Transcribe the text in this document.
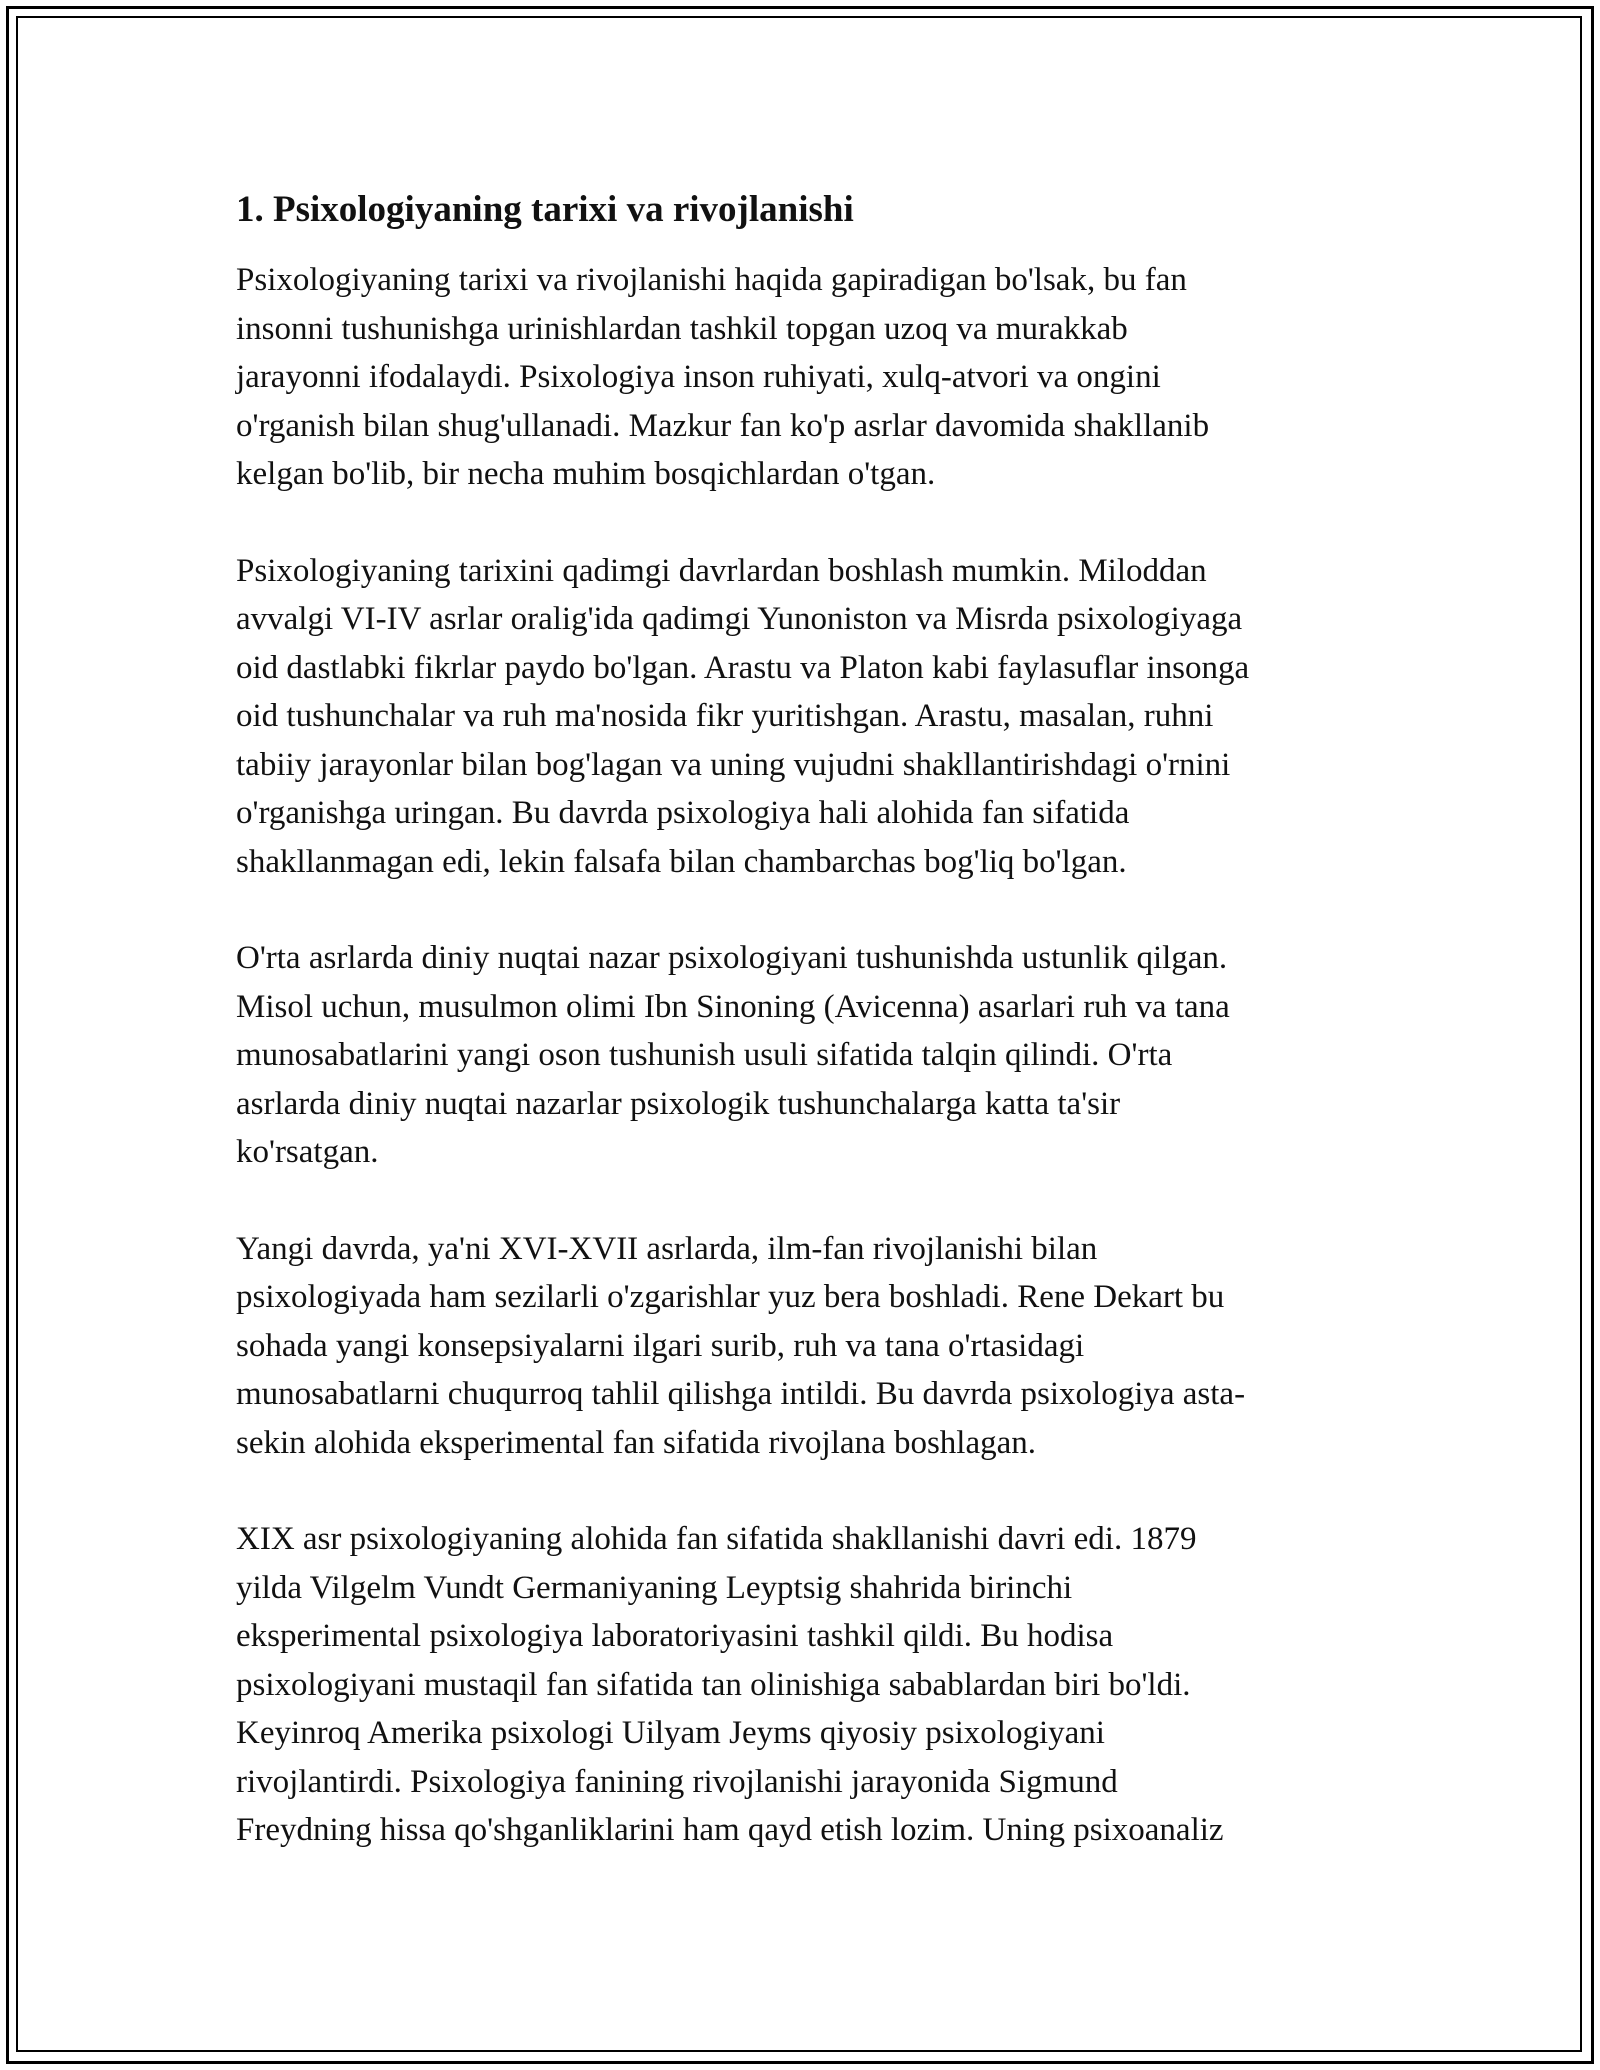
1. Psixologiyaning tarixi va rivojlanishi
Psixologiyaning tarixi va rivojlanishi haqida gapiradigan bo'lsak, bu fan
insonni tushunishga urinishlardan tashkil topgan uzoq va murakkab
jarayonni ifodalaydi. Psixologiya inson ruhiyati, xulq-atvori va ongini
o'rganish bilan shug'ullanadi. Mazkur fan ko'p asrlar davomida shakllanib
kelgan bo'lib, bir necha muhim bosqichlardan o'tgan.
Psixologiyaning tarixini qadimgi davrlardan boshlash mumkin. Miloddan
avvalgi VI-IV asrlar oralig'ida qadimgi Yunoniston va Misrda psixologiyaga
oid dastlabki fikrlar paydo bo'lgan. Arastu va Platon kabi faylasuflar insonga
oid tushunchalar va ruh ma'nosida fikr yuritishgan. Arastu, masalan, ruhni
tabiiy jarayonlar bilan bog'lagan va uning vujudni shakllantirishdagi o'rnini
o'rganishga uringan. Bu davrda psixologiya hali alohida fan sifatida
shakllanmagan edi, lekin falsafa bilan chambarchas bog'liq bo'lgan.
O'rta asrlarda diniy nuqtai nazar psixologiyani tushunishda ustunlik qilgan.
Misol uchun, musulmon olimi Ibn Sinoning (Avicenna) asarlari ruh va tana
munosabatlarini yangi oson tushunish usuli sifatida talqin qilindi. O'rta
asrlarda diniy nuqtai nazarlar psixologik tushunchalarga katta ta'sir
ko'rsatgan.
Yangi davrda, ya'ni XVI-XVII asrlarda, ilm-fan rivojlanishi bilan
psixologiyada ham sezilarli o'zgarishlar yuz bera boshladi. Rene Dekart bu
sohada yangi konsepsiyalarni ilgari surib, ruh va tana o'rtasidagi
munosabatlarni chuqurroq tahlil qilishga intildi. Bu davrda psixologiya asta-
sekin alohida eksperimental fan sifatida rivojlana boshlagan.
XIX asr psixologiyaning alohida fan sifatida shakllanishi davri edi. 1879
yilda Vilgelm Vundt Germaniyaning Leyptsig shahrida birinchi
eksperimental psixologiya laboratoriyasini tashkil qildi. Bu hodisa
psixologiyani mustaqil fan sifatida tan olinishiga sabablardan biri bo'ldi.
Keyinroq Amerika psixologi Uilyam Jeyms qiyosiy psixologiyani
rivojlantirdi. Psixologiya fanining rivojlanishi jarayonida Sigmund
Freydning hissa qo'shganliklarini ham qayd etish lozim. Uning psixoanaliz
